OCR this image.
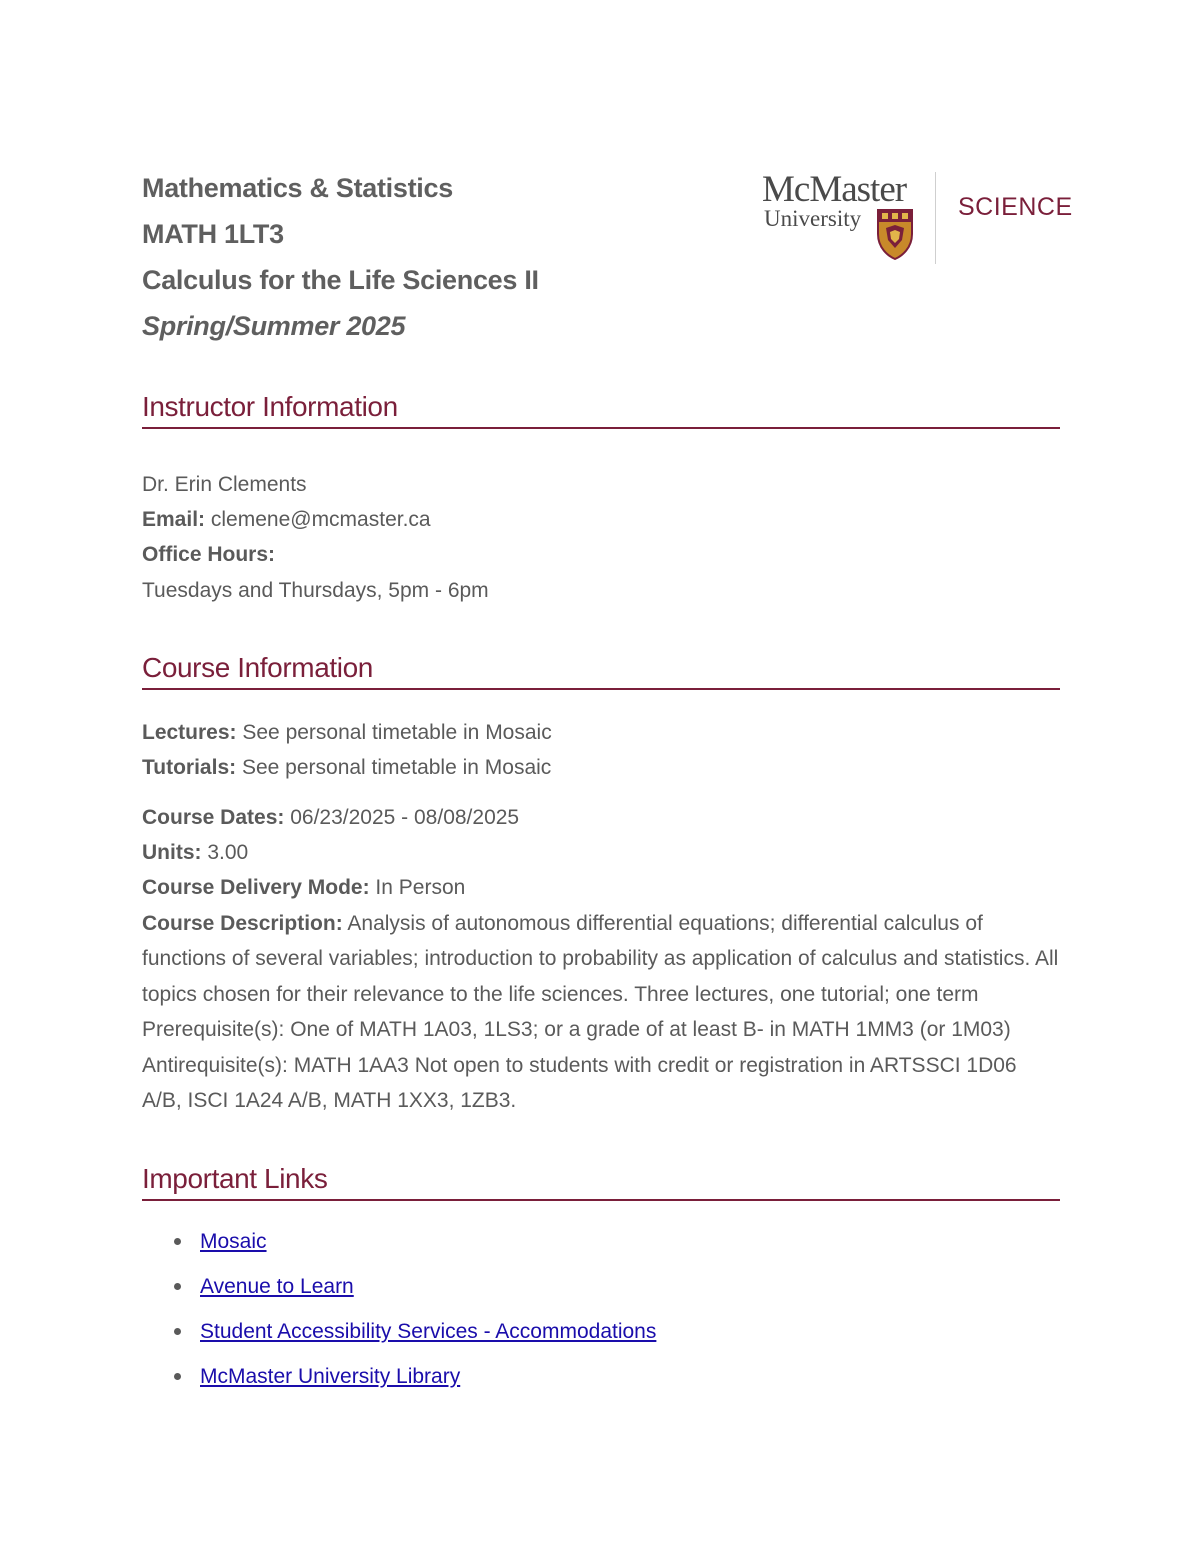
Mathematics & Statistics
MATH 1LT3
Calculus for the Life Sciences II
Spring/Summer 2025
McMaster
University	SCIENCE
Instructor Information
Dr. Erin Clements
Email: clemene@mcmaster.ca
Office Hours:
Tuesdays and Thursdays, 5pm - 6pm
Course Information
Lectures: See personal timetable in Mosaic
Tutorials: See personal timetable in Mosaic
Course Dates: 06/23/2025 - 08/08/2025
Units: 3.00
Course Delivery Mode: In Person
Course Description: Analysis of autonomous differential equations; differential calculus of functions of several variables; introduction to probability as application of calculus and statistics. All topics chosen for their relevance to the life sciences. Three lectures, one tutorial; one term Prerequisite(s): One of MATH 1A03, 1LS3; or a grade of at least B- in MATH 1MM3 (or 1M03) Antirequisite(s): MATH 1AA3 Not open to students with credit or registration in ARTSSCI 1D06 A/B, ISCI 1A24 A/B, MATH 1XX3, 1ZB3.
Important Links
Mosaic
Avenue to Learn
Student Accessibility Services - Accommodations
McMaster University Library
